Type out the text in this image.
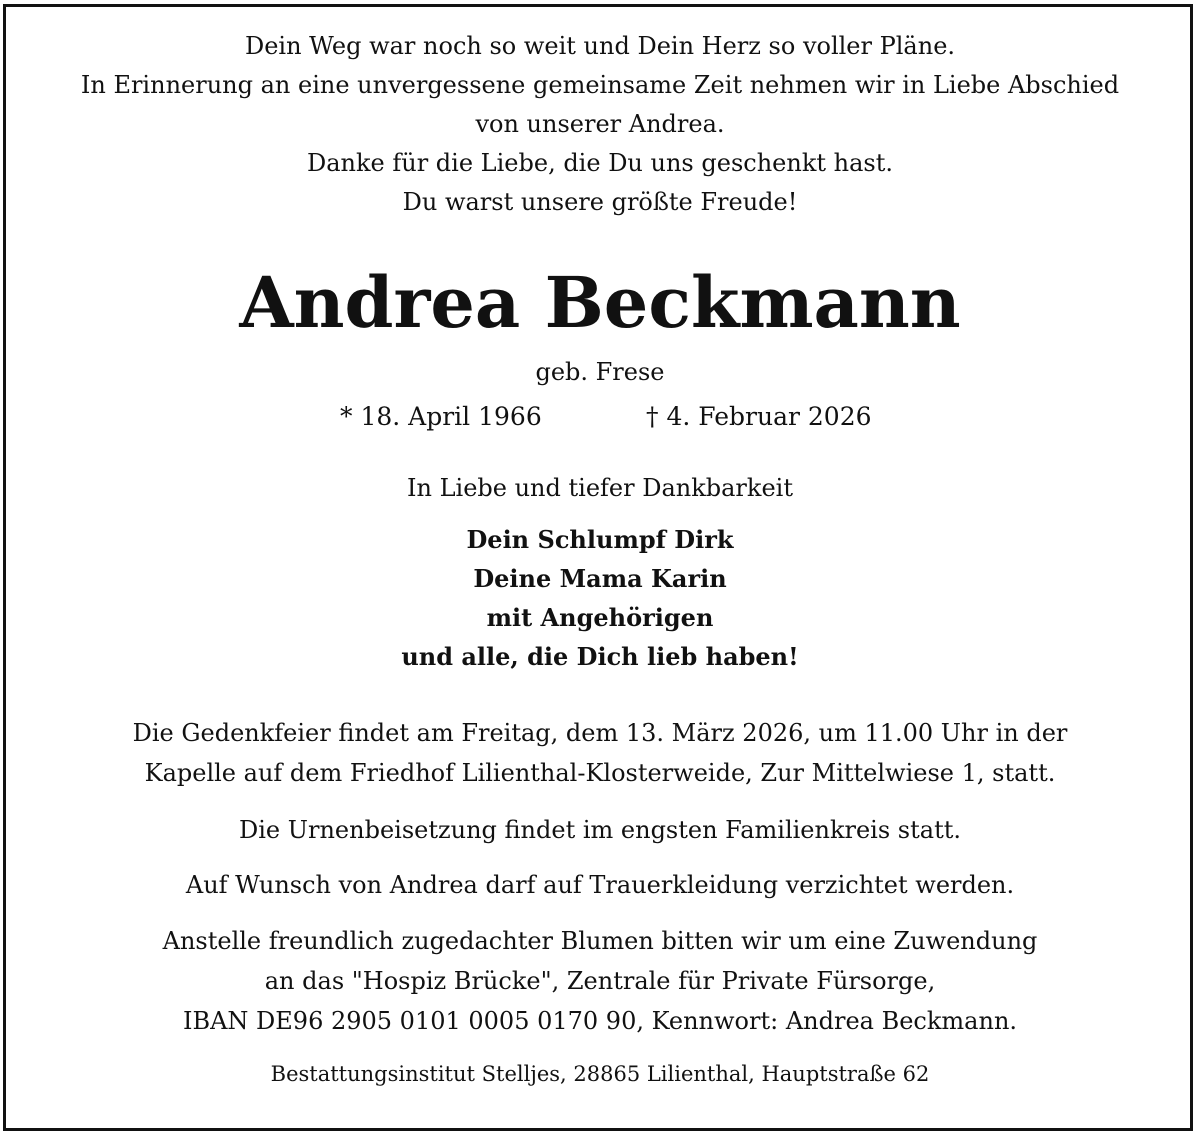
Dein Weg war noch so weit und Dein Herz so voller Pläne.
In Erinnerung an eine unvergessene gemeinsame Zeit nehmen wir in Liebe Abschied
von unserer Andrea.
Danke für die Liebe, die Du uns geschenkt hast.
Du warst unsere größte Freude!
Andrea Beckmann
geb. Frese
* 18. April 1966	† 4. Februar 2026
In Liebe und tiefer Dankbarkeit
Dein Schlumpf Dirk
Deine Mama Karin
mit Angehörigen
und alle, die Dich lieb haben!
Die Gedenkfeier findet am Freitag, dem 13. März 2026, um 11.00 Uhr in der
Kapelle auf dem Friedhof Lilienthal-Klosterweide, Zur Mittelwiese 1, statt.
Die Urnenbeisetzung findet im engsten Familienkreis statt.
Auf Wunsch von Andrea darf auf Trauerkleidung verzichtet werden.
Anstelle freundlich zugedachter Blumen bitten wir um eine Zuwendung
an das "Hospiz Brücke", Zentrale für Private Fürsorge,
IBAN DE96 2905 0101 0005 0170 90, Kennwort: Andrea Beckmann.
Bestattungsinstitut Stelljes, 28865 Lilienthal, Hauptstraße 62
